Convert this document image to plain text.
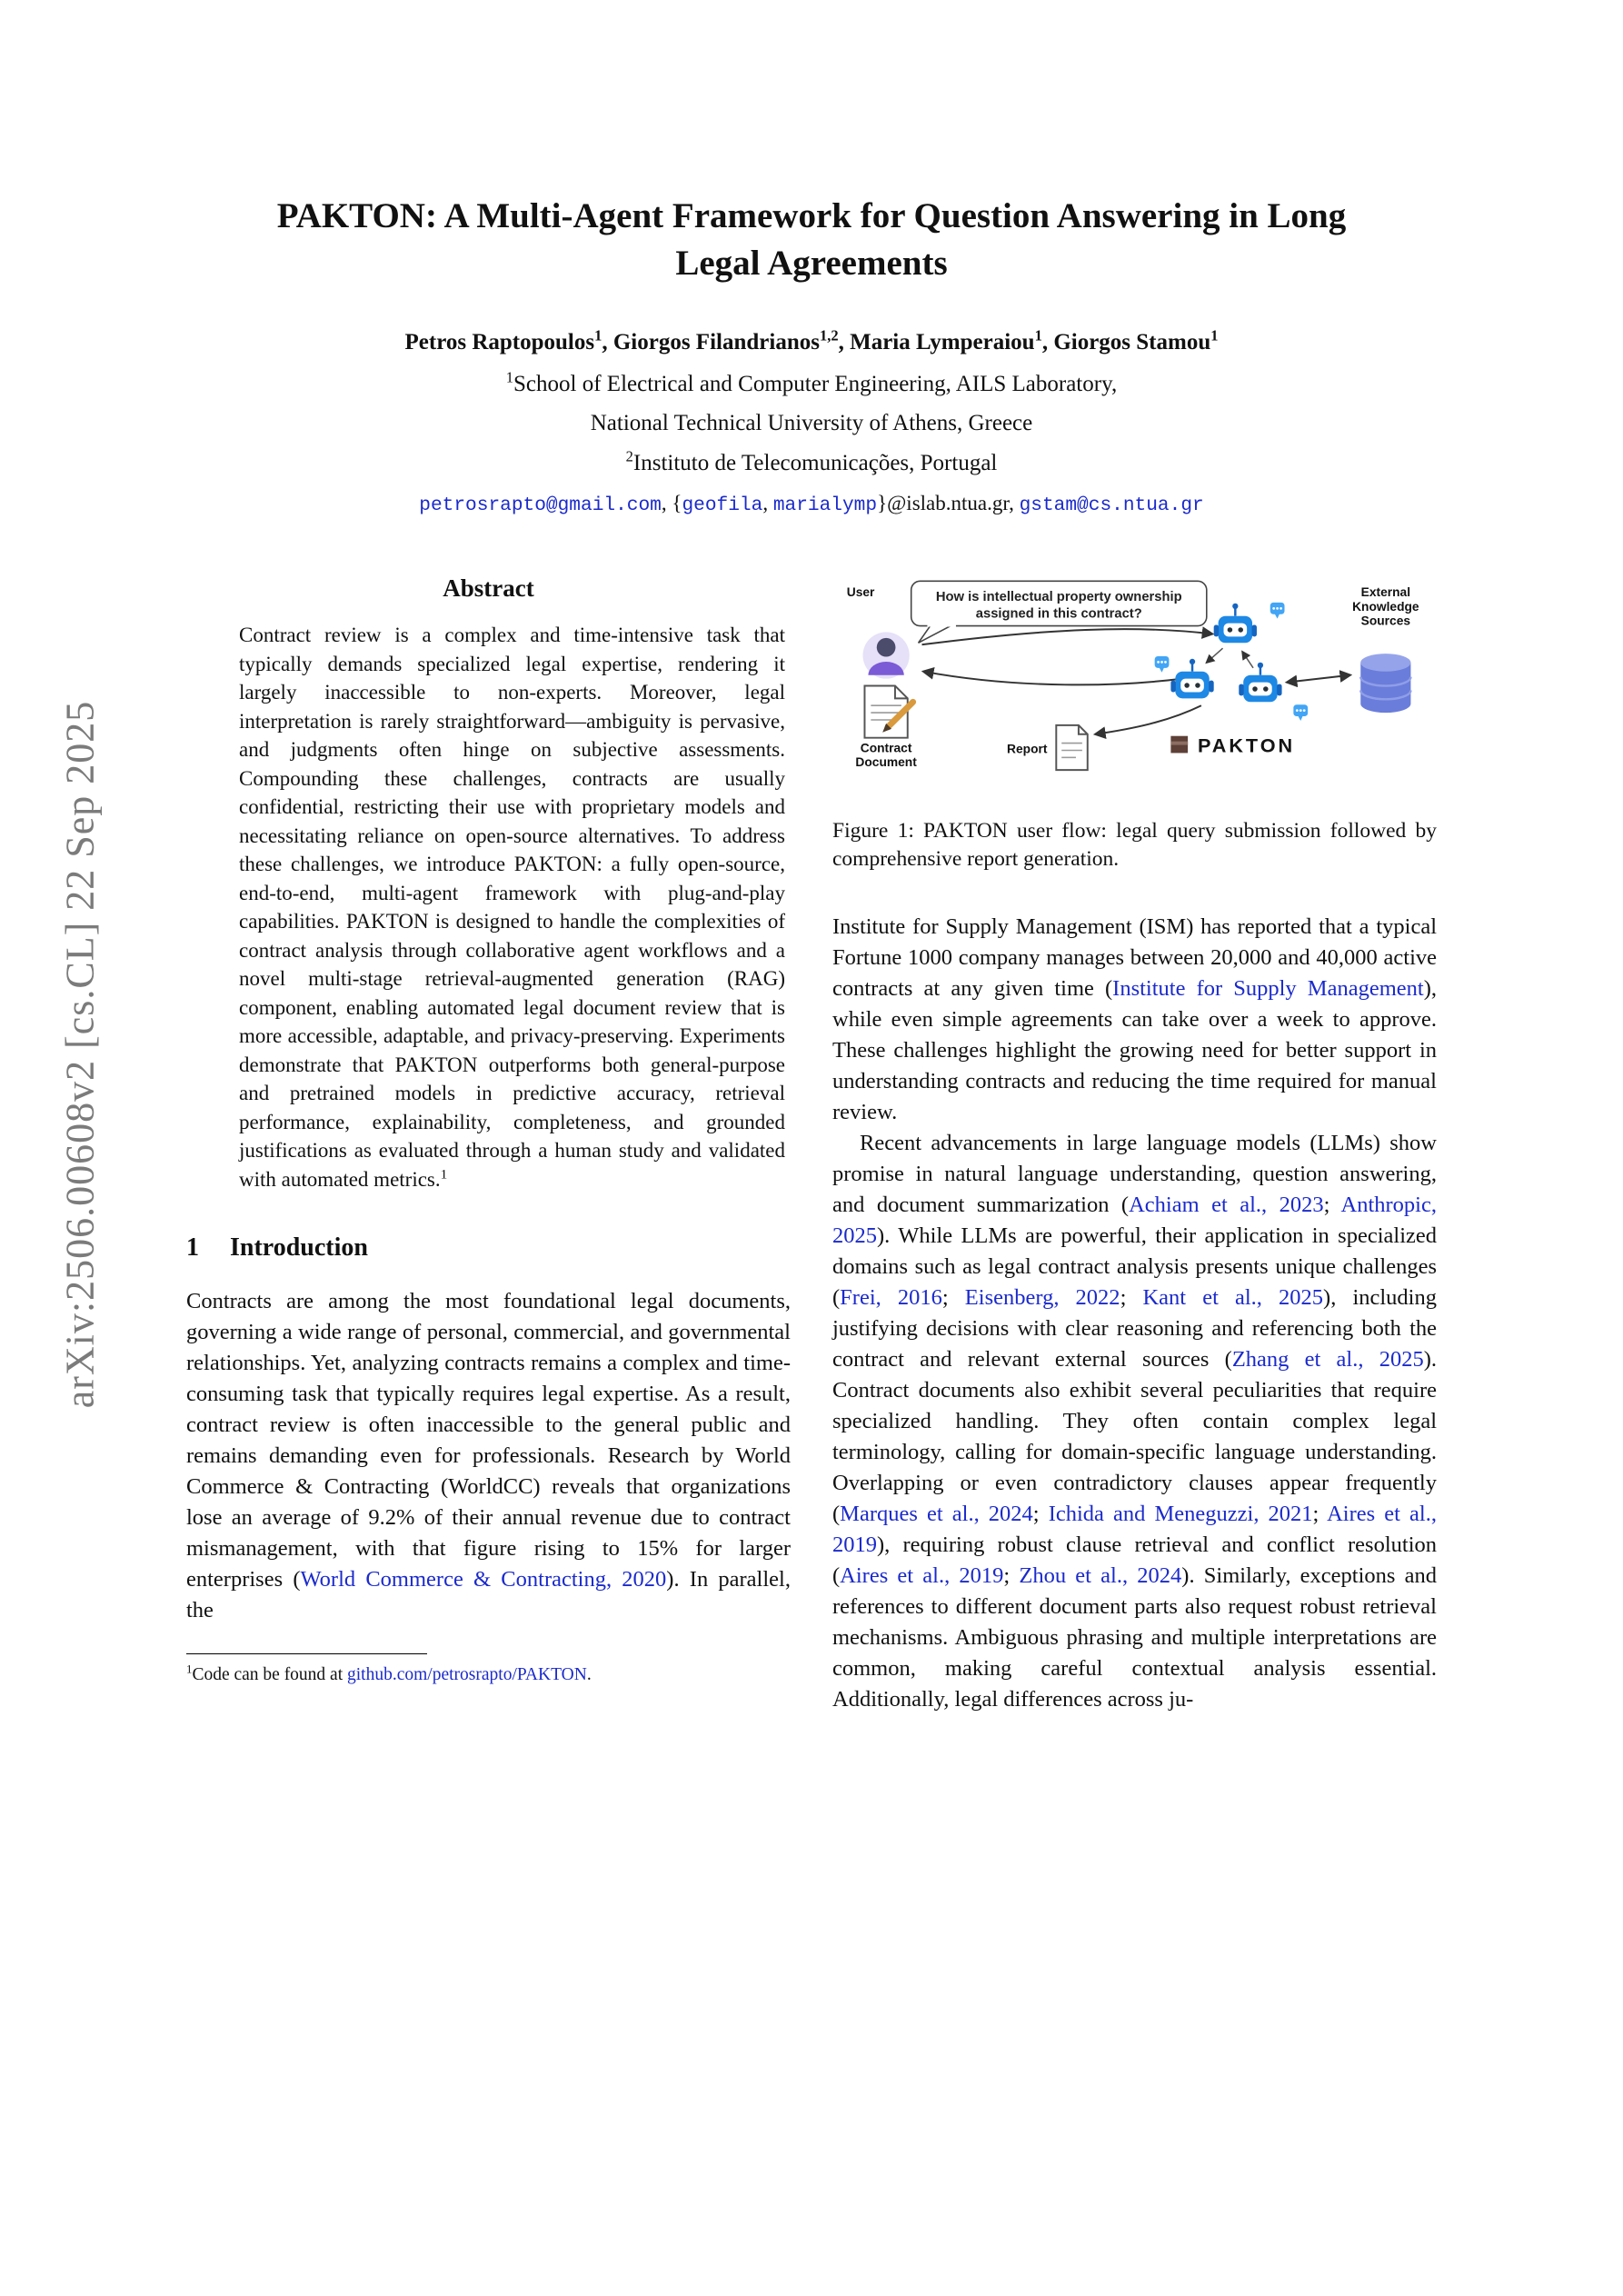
arXiv:2506.00608v2 [cs.CL] 22 Sep 2025
PAKTON: A Multi-Agent Framework for Question Answering in Long Legal Agreements
Petros Raptopoulos$^1$, Giorgos Filandrianos$^{1,2}$, Maria Lymperaiou$^1$, Giorgos Stamou$^1$
$^1$School of Electrical and Computer Engineering, AILS Laboratory,
National Technical University of Athens, Greece
$^2$Instituto de Telecomunicações, Portugal
petrosrapto@gmail.com, {geofila, marialymp}@islab.ntua.gr, gstam@cs.ntua.gr
Abstract
Contract review is a complex and time-intensive task that typically demands specialized legal expertise, rendering it largely inaccessible to non-experts. Moreover, legal interpretation is rarely straightforward—ambiguity is pervasive, and judgments often hinge on subjective assessments. Compounding these challenges, contracts are usually confidential, restricting their use with proprietary models and necessitating reliance on open-source alternatives. To address these challenges, we introduce PAKTON: a fully open-source, end-to-end, multi-agent framework with plug-and-play capabilities. PAKTON is designed to handle the complexities of contract analysis through collaborative agent workflows and a novel multi-stage retrieval-augmented generation (RAG) component, enabling automated legal document review that is more accessible, adaptable, and privacy-preserving. Experiments demonstrate that PAKTON outperforms both general-purpose and pretrained models in predictive accuracy, retrieval performance, explainability, completeness, and grounded justifications as evaluated through a human study and validated with automated metrics.$^1$
1 Introduction

Contracts are among the most foundational legal documents, governing a wide range of personal, commercial, and governmental relationships. Yet, analyzing contracts remains a complex and time-consuming task that typically requires legal expertise. As a result, contract review is often inaccessible to the general public and remains demanding even for professionals. Research by World Commerce & Contracting (WorldCC) reveals that organizations lose an average of 9.2% of their annual revenue due to contract mismanagement, with that figure rising to 15% for larger enterprises (World Commerce & Contracting, 2020). In parallel, the

$^1$Code can be found at github.com/petrosrapto/PAKTON.
User	How is intellectual property ownership
assigned in this contract?
Contract
Document
Report	PAKTON
External
Knowledge
Sources
Figure 1: PAKTON user flow: legal query submission followed by comprehensive report generation.

Institute for Supply Management (ISM) has reported that a typical Fortune 1000 company manages between 20,000 and 40,000 active contracts at any given time (Institute for Supply Management), while even simple agreements can take over a week to approve. These challenges highlight the growing need for better support in understanding contracts and reducing the time required for manual review.

Recent advancements in large language models (LLMs) show promise in natural language understanding, question answering, and document summarization (Achiam et al., 2023; Anthropic, 2025). While LLMs are powerful, their application in specialized domains such as legal contract analysis presents unique challenges (Frei, 2016; Eisenberg, 2022; Kant et al., 2025), including justifying decisions with clear reasoning and referencing both the contract and relevant external sources (Zhang et al., 2025). Contract documents also exhibit several peculiarities that require specialized handling. They often contain complex legal terminology, calling for domain-specific language understanding. Overlapping or even contradictory clauses appear frequently (Marques et al., 2024; Ichida and Meneguzzi, 2021; Aires et al., 2019), requiring robust clause retrieval and conflict resolution (Aires et al., 2019; Zhou et al., 2024). Similarly, exceptions and references to different document parts also request robust retrieval mechanisms. Ambiguous phrasing and multiple interpretations are common, making careful contextual analysis essential. Additionally, legal differences across ju-
